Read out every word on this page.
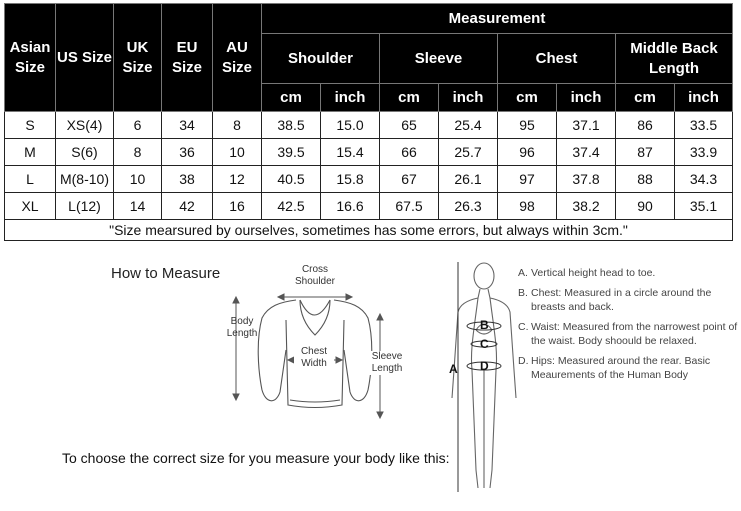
Asian Size	US Size	UK Size	EU Size	AU Size	Measurement							
					Shoulder		Sleeve		Chest		Middle Back Length	
					cm	inch	cm	inch	cm	inch	cm	inch
S	XS(4)	6	34	8	38.5	15.0	65	25.4	95	37.1	86	33.5
M	S(6)	8	36	10	39.5	15.4	66	25.7	96	37.4	87	33.9
L	M(8-10)	10	38	12	40.5	15.8	67	26.1	97	37.8	88	34.3
XL	L(12)	14	42	16	42.5	16.6	67.5	26.3	98	38.2	90	35.1
"Size mearsured by ourselves, sometimes has some errors, but always within 3cm."												
How to Measure	Cross Shoulder
Body Length
Chest Width
Sleeve Length	A
B
C
D
A. Vertical height head to toe.
B. Chest: Measured in a circle around the breasts and back.
C. Waist: Measured from the narrowest point of the waist. Body shoould be relaxed.
D. Hips: Measured around the rear. Basic Meaurements of the Human Body
To choose the correct size for you measure your body like this:
